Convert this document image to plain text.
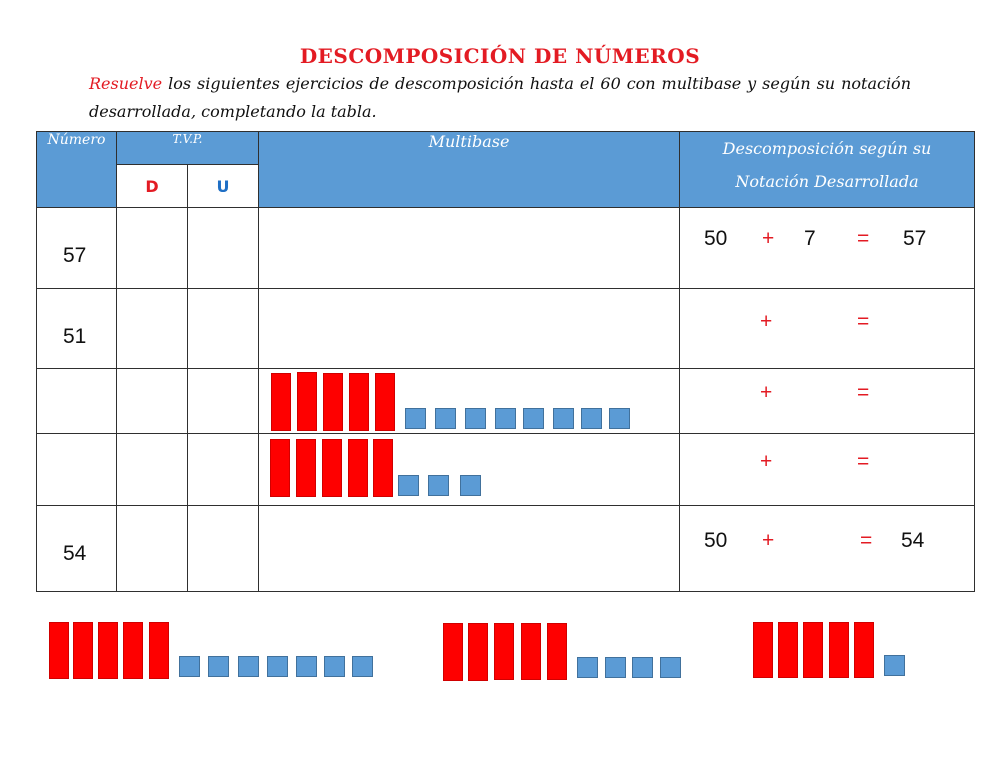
DESCOMPOSICIÓN DE NÚMEROS
Resuelve los siguientes ejercicios de descomposición hasta el 60 con multibase y según su notación desarrollada, completando la tabla.
Número	T.V.P.		Multibase	Descomposición según su
Notación Desarrollada

	D	U		

57				50 + 7 = 57

51				+ =

				+ =

				+ =

54				50 + = 54
